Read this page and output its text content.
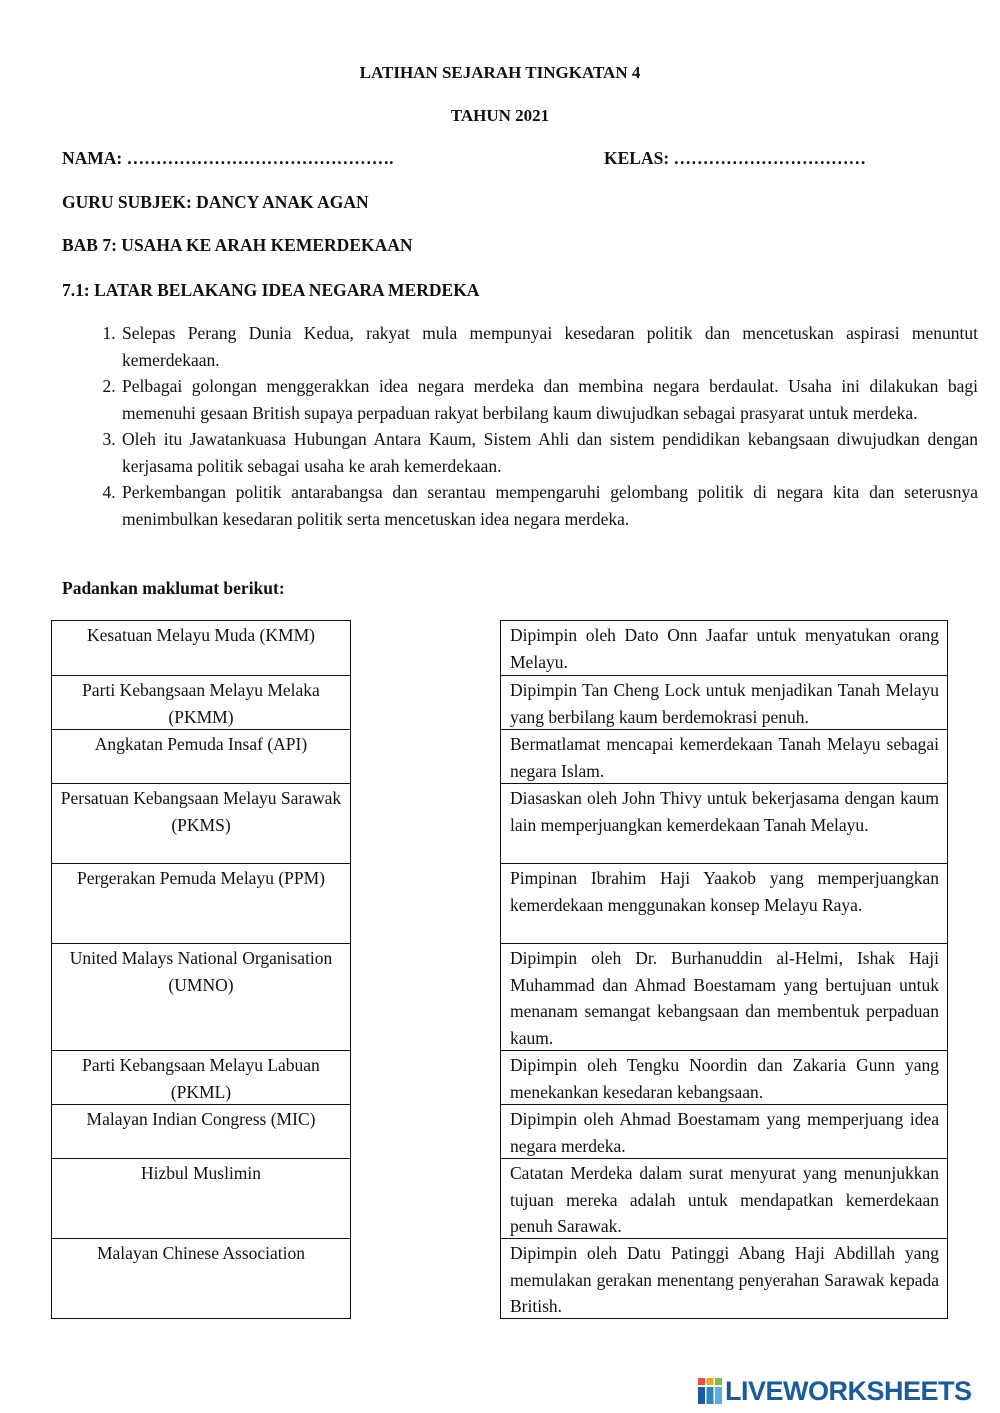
LATIHAN SEJARAH TINGKATAN 4
TAHUN 2021
NAMA: ……………………………………….	KELAS: ……………………………
GURU SUBJEK: DANCY ANAK AGAN
BAB 7: USAHA KE ARAH KEMERDEKAAN
7.1: LATAR BELAKANG IDEA NEGARA MERDEKA
1. Selepas Perang Dunia Kedua, rakyat mula mempunyai kesedaran politik dan mencetuskan aspirasi menuntut kemerdekaan.
2. Pelbagai golongan menggerakkan idea negara merdeka dan membina negara berdaulat. Usaha ini dilakukan bagi memenuhi gesaan British supaya perpaduan rakyat berbilang kaum diwujudkan sebagai prasyarat untuk merdeka.
3. Oleh itu Jawatankuasa Hubungan Antara Kaum, Sistem Ahli dan sistem pendidikan kebangsaan diwujudkan dengan kerjasama politik sebagai usaha ke arah kemerdekaan.
4. Perkembangan politik antarabangsa dan serantau mempengaruhi gelombang politik di negara kita dan seterusnya menimbulkan kesedaran politik serta mencetuskan idea negara merdeka.
Padankan maklumat berikut:
Kesatuan Melayu Muda (KMM)
Parti Kebangsaan Melayu Melaka (PKMM)
Angkatan Pemuda Insaf (API)
Persatuan Kebangsaan Melayu Sarawak (PKMS)
Pergerakan Pemuda Melayu (PPM)
United Malays National Organisation (UMNO)
Parti Kebangsaan Melayu Labuan (PKML)
Malayan Indian Congress (MIC)
Hizbul Muslimin
Malayan Chinese Association
Dipimpin oleh Dato Onn Jaafar untuk menyatukan orang Melayu.
Dipimpin Tan Cheng Lock untuk menjadikan Tanah Melayu yang berbilang kaum berdemokrasi penuh.
Bermatlamat mencapai kemerdekaan Tanah Melayu sebagai negara Islam.
Diasaskan oleh John Thivy untuk bekerjasama dengan kaum lain memperjuangkan kemerdekaan Tanah Melayu.
Pimpinan Ibrahim Haji Yaakob yang memperjuangkan kemerdekaan menggunakan konsep Melayu Raya.
Dipimpin oleh Dr. Burhanuddin al-Helmi, Ishak Haji Muhammad dan Ahmad Boestamam yang bertujuan untuk menanam semangat kebangsaan dan membentuk perpaduan kaum.
Dipimpin oleh Tengku Noordin dan Zakaria Gunn yang menekankan kesedaran kebangsaan.
Dipimpin oleh Ahmad Boestamam yang memperjuang idea negara merdeka.
Catatan Merdeka dalam surat menyurat yang menunjukkan tujuan mereka adalah untuk mendapatkan kemerdekaan penuh Sarawak.
Dipimpin oleh Datu Patinggi Abang Haji Abdillah yang memulakan gerakan menentang penyerahan Sarawak kepada British.
LIVEWORKSHEETS
